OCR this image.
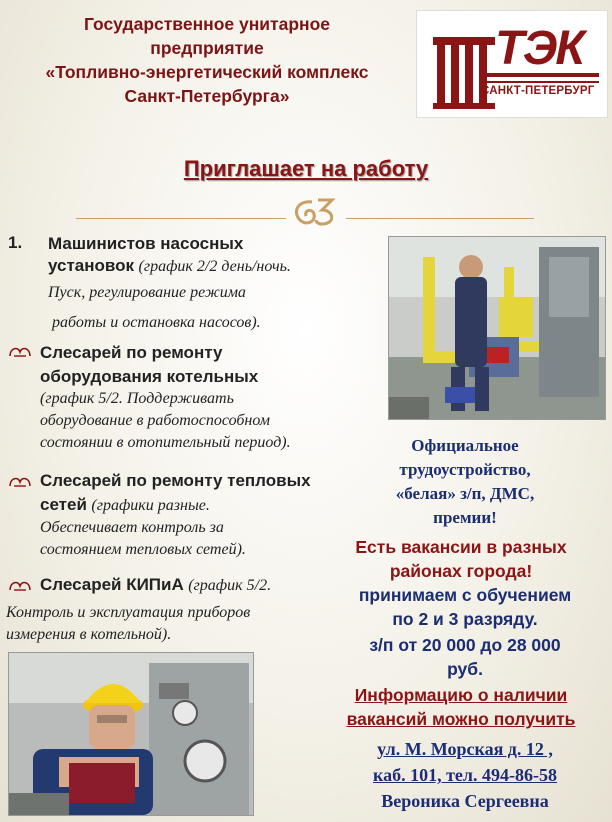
Государственное унитарное
предприятие
«Топливно-энергетический комплекс
Санкт-Петербурга»
ТЭК
САНКТ-ПЕТЕРБУРГ
Приглашает на работу
1. Машинистов насосных
установок (график 2/2 день/ночь.
Пуск, регулирование режима
работы и остановка насосов).
Слесарей по ремонту
оборудования котельных
(график 5/2. Поддерживать
оборудование в работоспособном
состоянии в отопительный период).
Слесарей по ремонту тепловых
сетей (графики разные.
Обеспечивает контроль за
состоянием тепловых сетей).
Слесарей КИПиА (график 5/2.
Контроль и эксплуатация приборов
измерения в котельной).
Официальное
трудоустройство,
«белая» з/п, ДМС,
премии!
Есть вакансии в разных
районах города!
принимаем с обучением
по 2 и 3 разряду.
з/п от 20 000 до 28 000
руб.
Информацию о наличии
вакансий можно получить
ул. М. Морская д. 12 ,
каб. 101, тел. 494-86-58
Вероника Сергеевна
